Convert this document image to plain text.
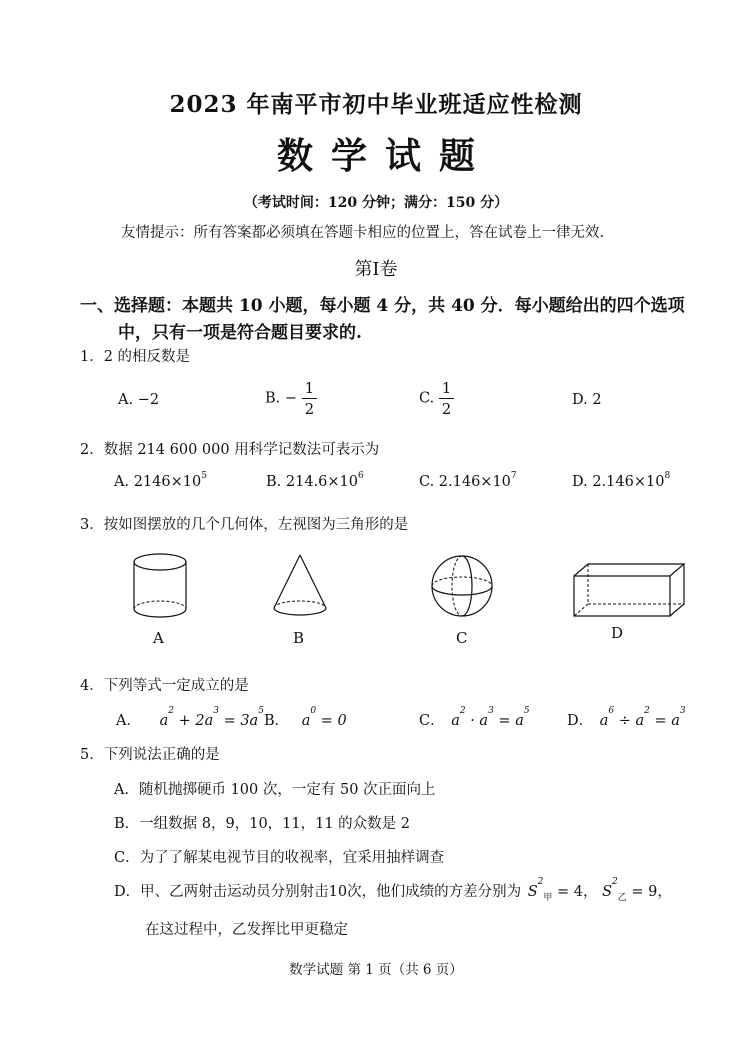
2023 年南平市初中毕业班适应性检测
数学试题
（考试时间：120 分钟；满分：150 分）
友情提示：所有答案都必须填在答题卡相应的位置上，答在试卷上一律无效.
第Ⅰ卷
一、选择题：本题共 10 小题，每小题 4 分，共 40 分．每小题给出的四个选项
中，只有一项是符合题目要求的.
1．2 的相反数是
A. −2	B. − $\frac{1}{2}$	C. $\frac{1}{2}$	D. 2
2．数据 214 600 000 用科学记数法可表示为
A. $2146\times 10^5$	B. $214.6\times 10^6$	C. $2.146\times 10^7$	D. $2.146\times 10^8$
3．按如图摆放的几个几何体，左视图为三角形的是
A	B	C	D
4．下列等式一定成立的是
A． $a^2 + 2a^3 = 3a^5$
B． $a^0 = 0$	C． $a^2 \cdot a^3 = a^5$
D． $a^6 \div a^2 = a^3$
5．下列说法正确的是
A．随机抛掷硬币 100 次，一定有 50 次正面向上
B．一组数据 8，9，10，11，11 的众数是 2
C．为了了解某电视节目的收视率，宜采用抽样调查
D．甲、乙两射击运动员分别射击10次，他们成绩的方差分别为 $S^2_甲 = 4$， $S^2_乙 = 9$，
在这过程中，乙发挥比甲更稳定
数学试题 第 1 页（共 6 页）
